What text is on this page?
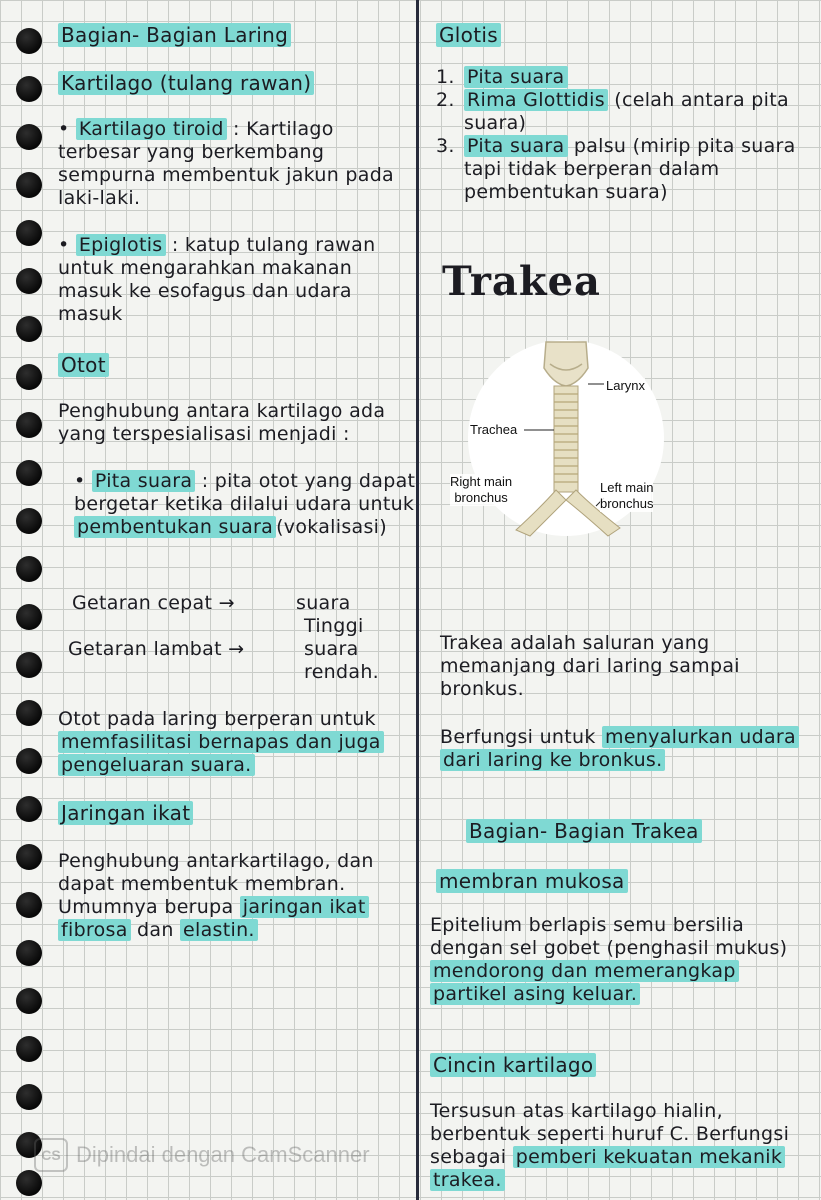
Bagian- Bagian Laring
Kartilago (tulang rawan)
• Kartilago tiroid : Kartilago terbesar yang berkembang sempurna membentuk jakun pada laki-laki.
• Epiglotis : katup tulang rawan untuk mengarahkan makanan masuk ke esofagus dan udara masuk
Otot
Penghubung antara kartilago ada yang terspesialisasi menjadi :
• Pita suara : pita otot yang dapat bergetar ketika dilalui udara untuk pembentukan suara (vokalisasi)
Getaran cepat →	suara
Tinggi
Getaran lambat →	suara
rendah.
Otot pada laring berperan untuk memfasilitasi bernapas dan juga pengeluaran suara.
Jaringan ikat
Penghubung antarkartilago, dan dapat membentuk membran. Umumnya berupa jaringan ikat fibrosa dan elastin.
Glotis
1. Pita suara
2. Rima Glottidis (celah antara pita suara)
3. Pita suara palsu (mirip pita suara tapi tidak berperan dalam pembentukan suara)
Trakea
Trakea adalah saluran yang memanjang dari laring sampai bronkus.
Berfungsi untuk menyalurkan udara dari laring ke bronkus.
Bagian- Bagian Trakea
membran mukosa
Epitelium berlapis semu bersilia dengan sel gobet (penghasil mukus) mendorong dan memerangkap partikel asing keluar.
Cincin kartilago
Tersusun atas kartilago hialin, berbentuk seperti huruf C. Berfungsi sebagai pemberi kekuatan mekanik trakea.
Larynx
Trachea
Right main
bronchus
Left main
bronchus
CS Dipindai dengan CamScanner
